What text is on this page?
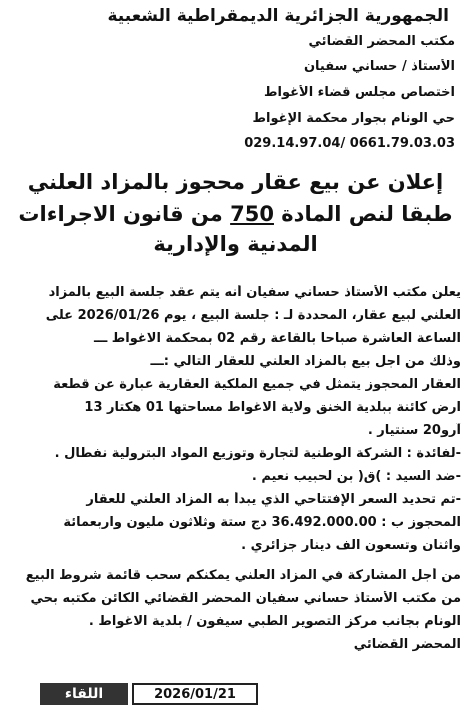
الجمهورية الجزائرية الديمقراطية الشعبية
مكتب المحضر القضائي
الأستاذ / حساني سفيان
اختصاص مجلس قضاء الأغواط
حي الونام بجوار محكمة الإغواط
029.14.97.04/ 0661.79.03.03
إعلان عن بيع عقار محجوز بالمزاد العلني
طبقا لنص المادة 750 من قانون الاجراءات
المدنية والإدارية
يعلن مكتب الأستاذ حساني سفيان أنه يتم عقد جلسة البيع بالمزاد
العلني لبيع عقار، المحددة لـ : جلسة البيع ، يوم 2026/01/26 على
الساعة العاشرة صباحا بالقاعة رقم 02 بمحكمة الاغواط ـــ
وذلك من اجل بيع بالمزاد العلني للعقار التالي :ـــ
العقار المحجوز يتمثل في جميع الملكية العقارية عبارة عن قطعة
ارض كائنة ببلدية الخنق ولاية الاغواط مساحتها 01 هكتار 13
آرو20 سنتيار .
-لفائدة : الشركة الوطنية لتجارة وتوزيع المواد البترولية نفطال .
-ضد السيد : )ق( بن لحبيب نعيم .
-تم تحديد السعر الإفتتاحي الذي يبدأ به المزاد العلني للعقار
المحجوز ب : 36.492.000.00 دج ستة وثلاثون مليون واربعمائة
واثنان وتسعون الف دينار جزائري .
من أجل المشاركة في المزاد العلني يمكنكم سحب قائمة شروط البيع
من مكتب الأستاذ حساني سفيان المحضر القضائي الكائن مكتبه بحي
الونام بجانب مركز التصوير الطبي سيفون / بلدية الاغواط .
المحضر القضائي
2026/01/21
اللقاء
